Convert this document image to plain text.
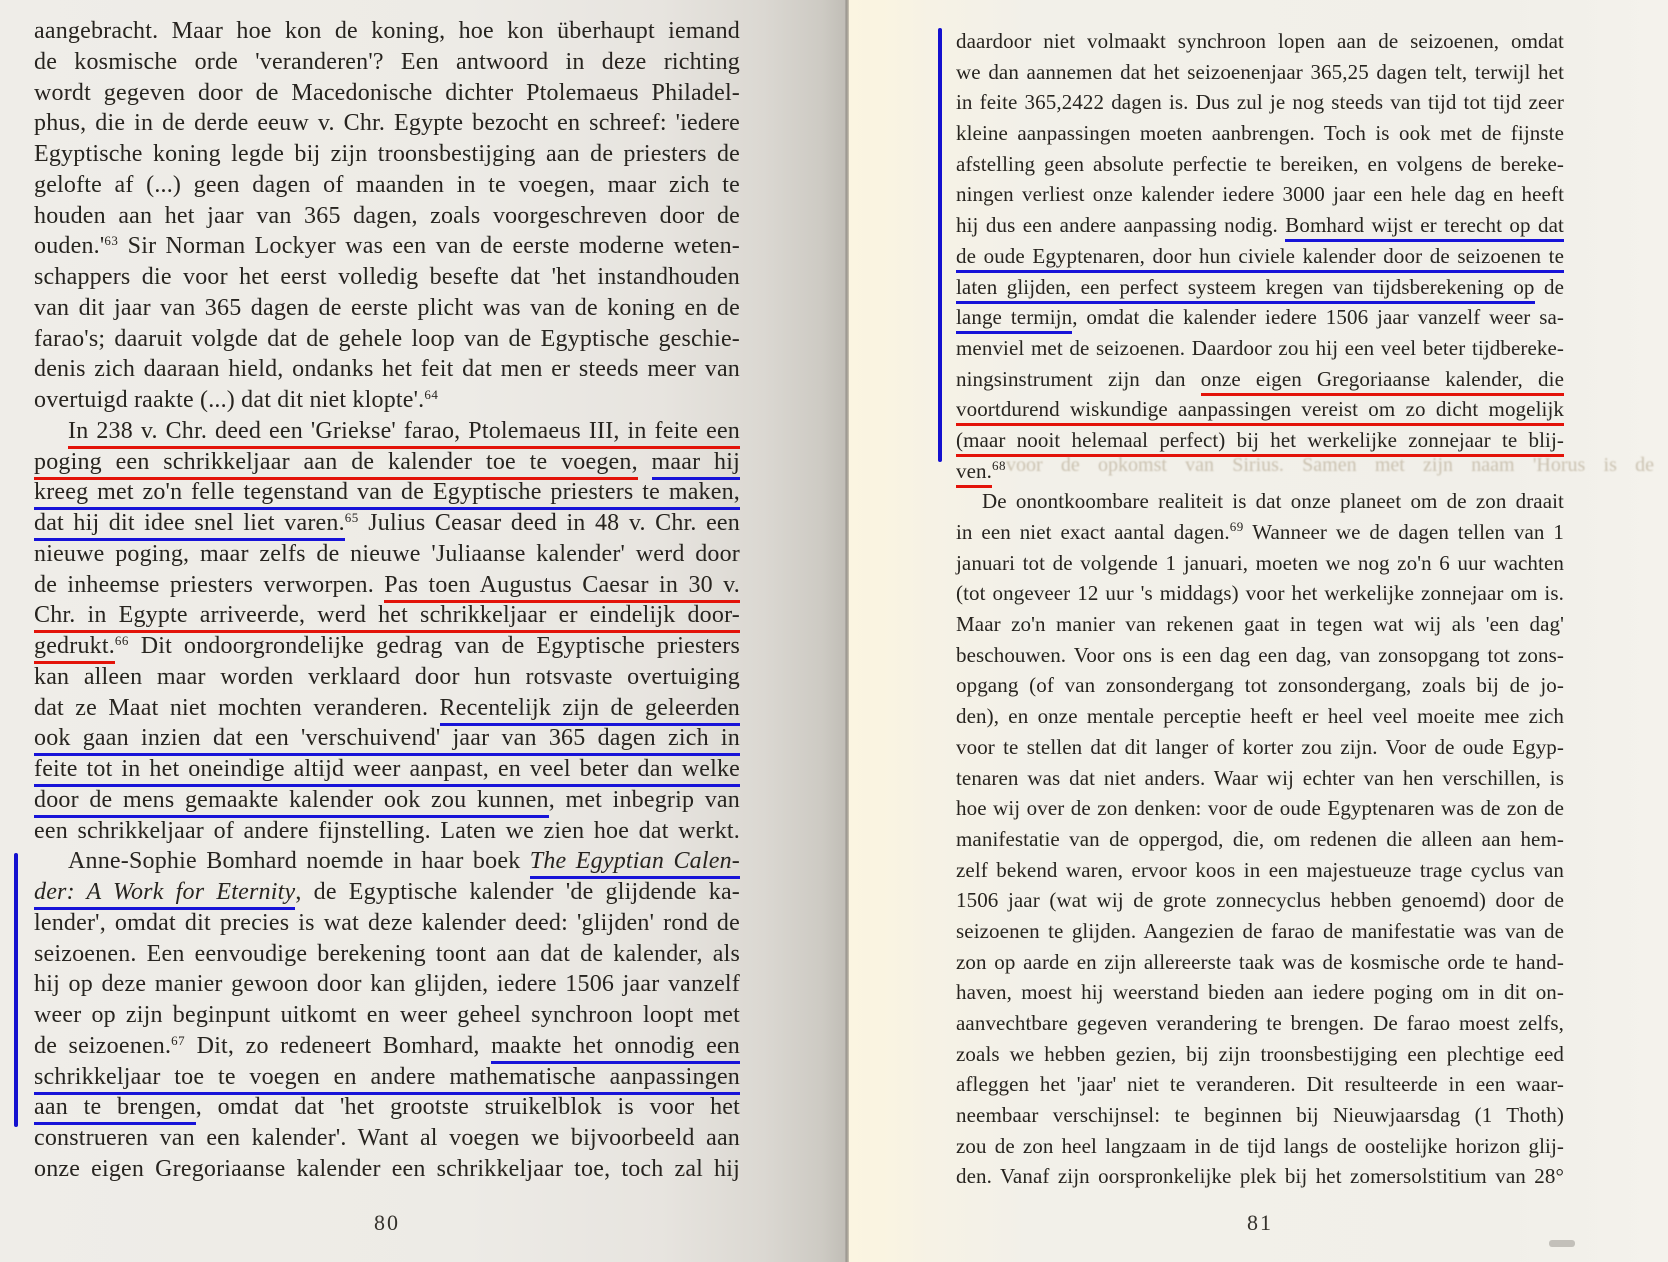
aangebracht. Maar hoe kon de koning, hoe kon überhaupt iemand
de kosmische orde 'veranderen'? Een antwoord in deze richting
wordt gegeven door de Macedonische dichter Ptolemaeus Philadel-
phus, die in de derde eeuw v. Chr. Egypte bezocht en schreef: 'iedere
Egyptische koning legde bij zijn troonsbestijging aan de priesters de
gelofte af (...) geen dagen of maanden in te voegen, maar zich te
houden aan het jaar van 365 dagen, zoals voorgeschreven door de
$ouden.'^{63}$ Sir Norman Lockyer was een van de eerste moderne weten-
schappers die voor het eerst volledig besefte dat 'het instandhouden
van dit jaar van 365 dagen de eerste plicht was van de koning en de
farao's; daaruit volgde dat de gehele loop van de Egyptische geschie-
denis zich daaraan hield, ondanks het feit dat men er steeds meer van
overtuigd raakte (...) dat dit niet klopte'.$^{64}$
In 238 v. Chr. deed een 'Griekse' farao, Ptolemaeus III, in feite een
poging een schrikkeljaar aan de kalender toe te voegen, maar hij
kreeg met zo'n felle tegenstand van de Egyptische priesters te maken,
dat hij dit idee snel liet varen.$^{65}$ Julius Ceasar deed in 48 v. Chr. een
nieuwe poging, maar zelfs de nieuwe 'Juliaanse kalender' werd door
de inheemse priesters verworpen. Pas toen Augustus Caesar in 30 v.
Chr. in Egypte arriveerde, werd het schrikkeljaar er eindelijk door-
gedrukt.$^{66}$ Dit ondoorgrondelijke gedrag van de Egyptische priesters
kan alleen maar worden verklaard door hun rotsvaste overtuiging
dat ze Maat niet mochten veranderen. Recentelijk zijn de geleerden
ook gaan inzien dat een 'verschuivend' jaar van 365 dagen zich in
feite tot in het oneindige altijd weer aanpast, en veel beter dan welke
door de mens gemaakte kalender ook zou kunnen, met inbegrip van
een schrikkeljaar of andere fijnstelling. Laten we zien hoe dat werkt.
Anne-Sophie Bomhard noemde in haar boek The Egyptian Calen-
der: A Work for Eternity, de Egyptische kalender 'de glijdende ka-
lender', omdat dit precies is wat deze kalender deed: 'glijden' rond de
seizoenen. Een eenvoudige berekening toont aan dat de kalender, als
hij op deze manier gewoon door kan glijden, iedere 1506 jaar vanzelf
weer op zijn beginpunt uitkomt en weer geheel synchroon loopt met
de seizoenen.$^{67}$ Dit, zo redeneert Bomhard, maakte het onnodig een
schrikkeljaar toe te voegen en andere mathematische aanpassingen
aan te brengen, omdat dat 'het grootste struikelblok is voor het
construeren van een kalender'. Want al voegen we bijvoorbeeld aan
onze eigen Gregoriaanse kalender een schrikkeljaar toe, toch zal hij
80
daardoor niet volmaakt synchroon lopen aan de seizoenen, omdat
we dan aannemen dat het seizoenenjaar 365,25 dagen telt, terwijl het
in feite 365,2422 dagen is. Dus zul je nog steeds van tijd tot tijd zeer
kleine aanpassingen moeten aanbrengen. Toch is ook met de fijnste
afstelling geen absolute perfectie te bereiken, en volgens de bereke-
ningen verliest onze kalender iedere 3000 jaar een hele dag en heeft
hij dus een andere aanpassing nodig. Bomhard wijst er terecht op dat
de oude Egyptenaren, door hun civiele kalender door de seizoenen te
laten glijden, een perfect systeem kregen van tijdsberekening op de
lange termijn, omdat die kalender iedere 1506 jaar vanzelf weer sa-
menviel met de seizoenen. Daardoor zou hij een veel beter tijdbereke-
ningsinstrument zijn dan onze eigen Gregoriaanse kalender, die
voortdurend wiskundige aanpassingen vereist om zo dicht mogelijk
(maar nooit helemaal perfect) bij het werkelijke zonnejaar te blij-
ven.$^{68}$
De onontkoombare realiteit is dat onze planeet om de zon draait
in een niet exact aantal dagen.$^{69}$ Wanneer we de dagen tellen van 1
januari tot de volgende 1 januari, moeten we nog zo'n 6 uur wachten
(tot ongeveer 12 uur 's middags) voor het werkelijke zonnejaar om is.
Maar zo'n manier van rekenen gaat in tegen wat wij als 'een dag'
beschouwen. Voor ons is een dag een dag, van zonsopgang tot zons-
opgang (of van zonsondergang tot zonsondergang, zoals bij de jo-
den), en onze mentale perceptie heeft er heel veel moeite mee zich
voor te stellen dat dit langer of korter zou zijn. Voor de oude Egyp-
tenaren was dat niet anders. Waar wij echter van hen verschillen, is
hoe wij over de zon denken: voor de oude Egyptenaren was de zon de
manifestatie van de oppergod, die, om redenen die alleen aan hem-
zelf bekend waren, ervoor koos in een majestueuze trage cyclus van
1506 jaar (wat wij de grote zonnecyclus hebben genoemd) door de
seizoenen te glijden. Aangezien de farao de manifestatie was van de
zon op aarde en zijn allereerste taak was de kosmische orde te hand-
haven, moest hij weerstand bieden aan iedere poging om in dit on-
aanvechtbare gegeven verandering te brengen. De farao moest zelfs,
zoals we hebben gezien, bij zijn troonsbestijging een plechtige eed
afleggen het 'jaar' niet te veranderen. Dit resulteerde in een waar-
neembaar verschijnsel: te beginnen bij Nieuwjaarsdag (1 Thoth)
zou de zon heel langzaam in de tijd langs de oostelijke horizon glij-
den. Vanaf zijn oorspronkelijke plek bij het zomersolstitium van 28°
voor de opkomst van Sirius. Samen met zijn naam 'Horus is de
81
